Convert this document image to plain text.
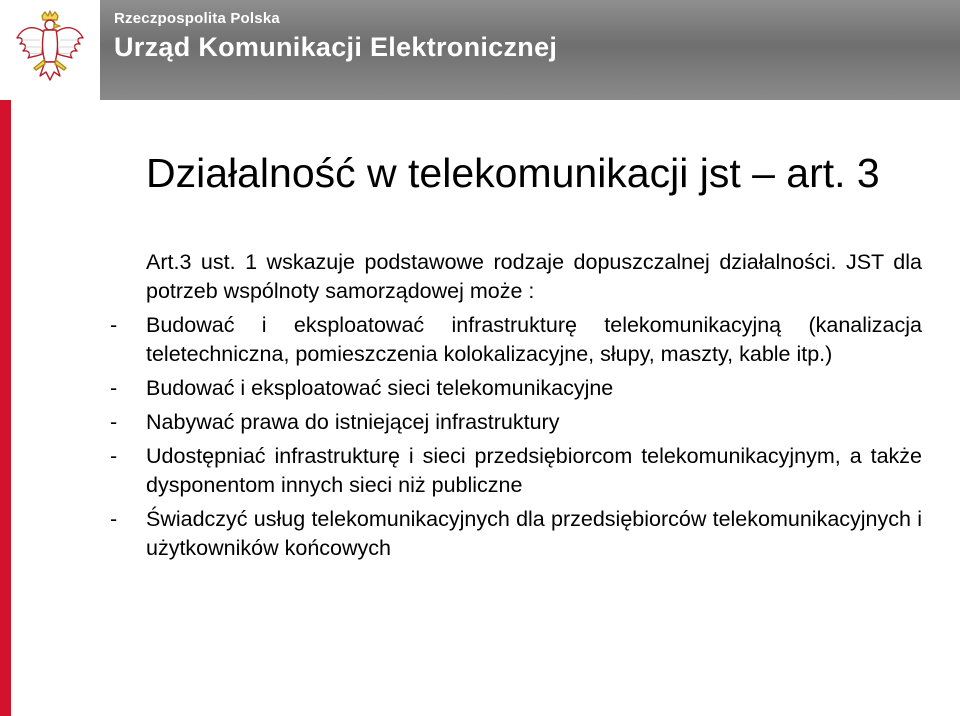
Rzeczpospolita Polska
Urząd Komunikacji Elektronicznej
Działalność w telekomunikacji jst – art. 3
Art.3 ust. 1 wskazuje podstawowe rodzaje dopuszczalnej działalności. JST dla potrzeb wspólnoty samorządowej może :
-	Budować i eksploatować infrastrukturę telekomunikacyjną (kanalizacja teletechniczna, pomieszczenia kolokalizacyjne, słupy, maszty, kable itp.)
-	Budować i eksploatować sieci telekomunikacyjne
-	Nabywać prawa do istniejącej infrastruktury
-	Udostępniać infrastrukturę i sieci przedsiębiorcom telekomunikacyjnym, a także dysponentom innych sieci niż publiczne
-	Świadczyć usług telekomunikacyjnych dla przedsiębiorców telekomunikacyjnych i użytkowników końcowych
